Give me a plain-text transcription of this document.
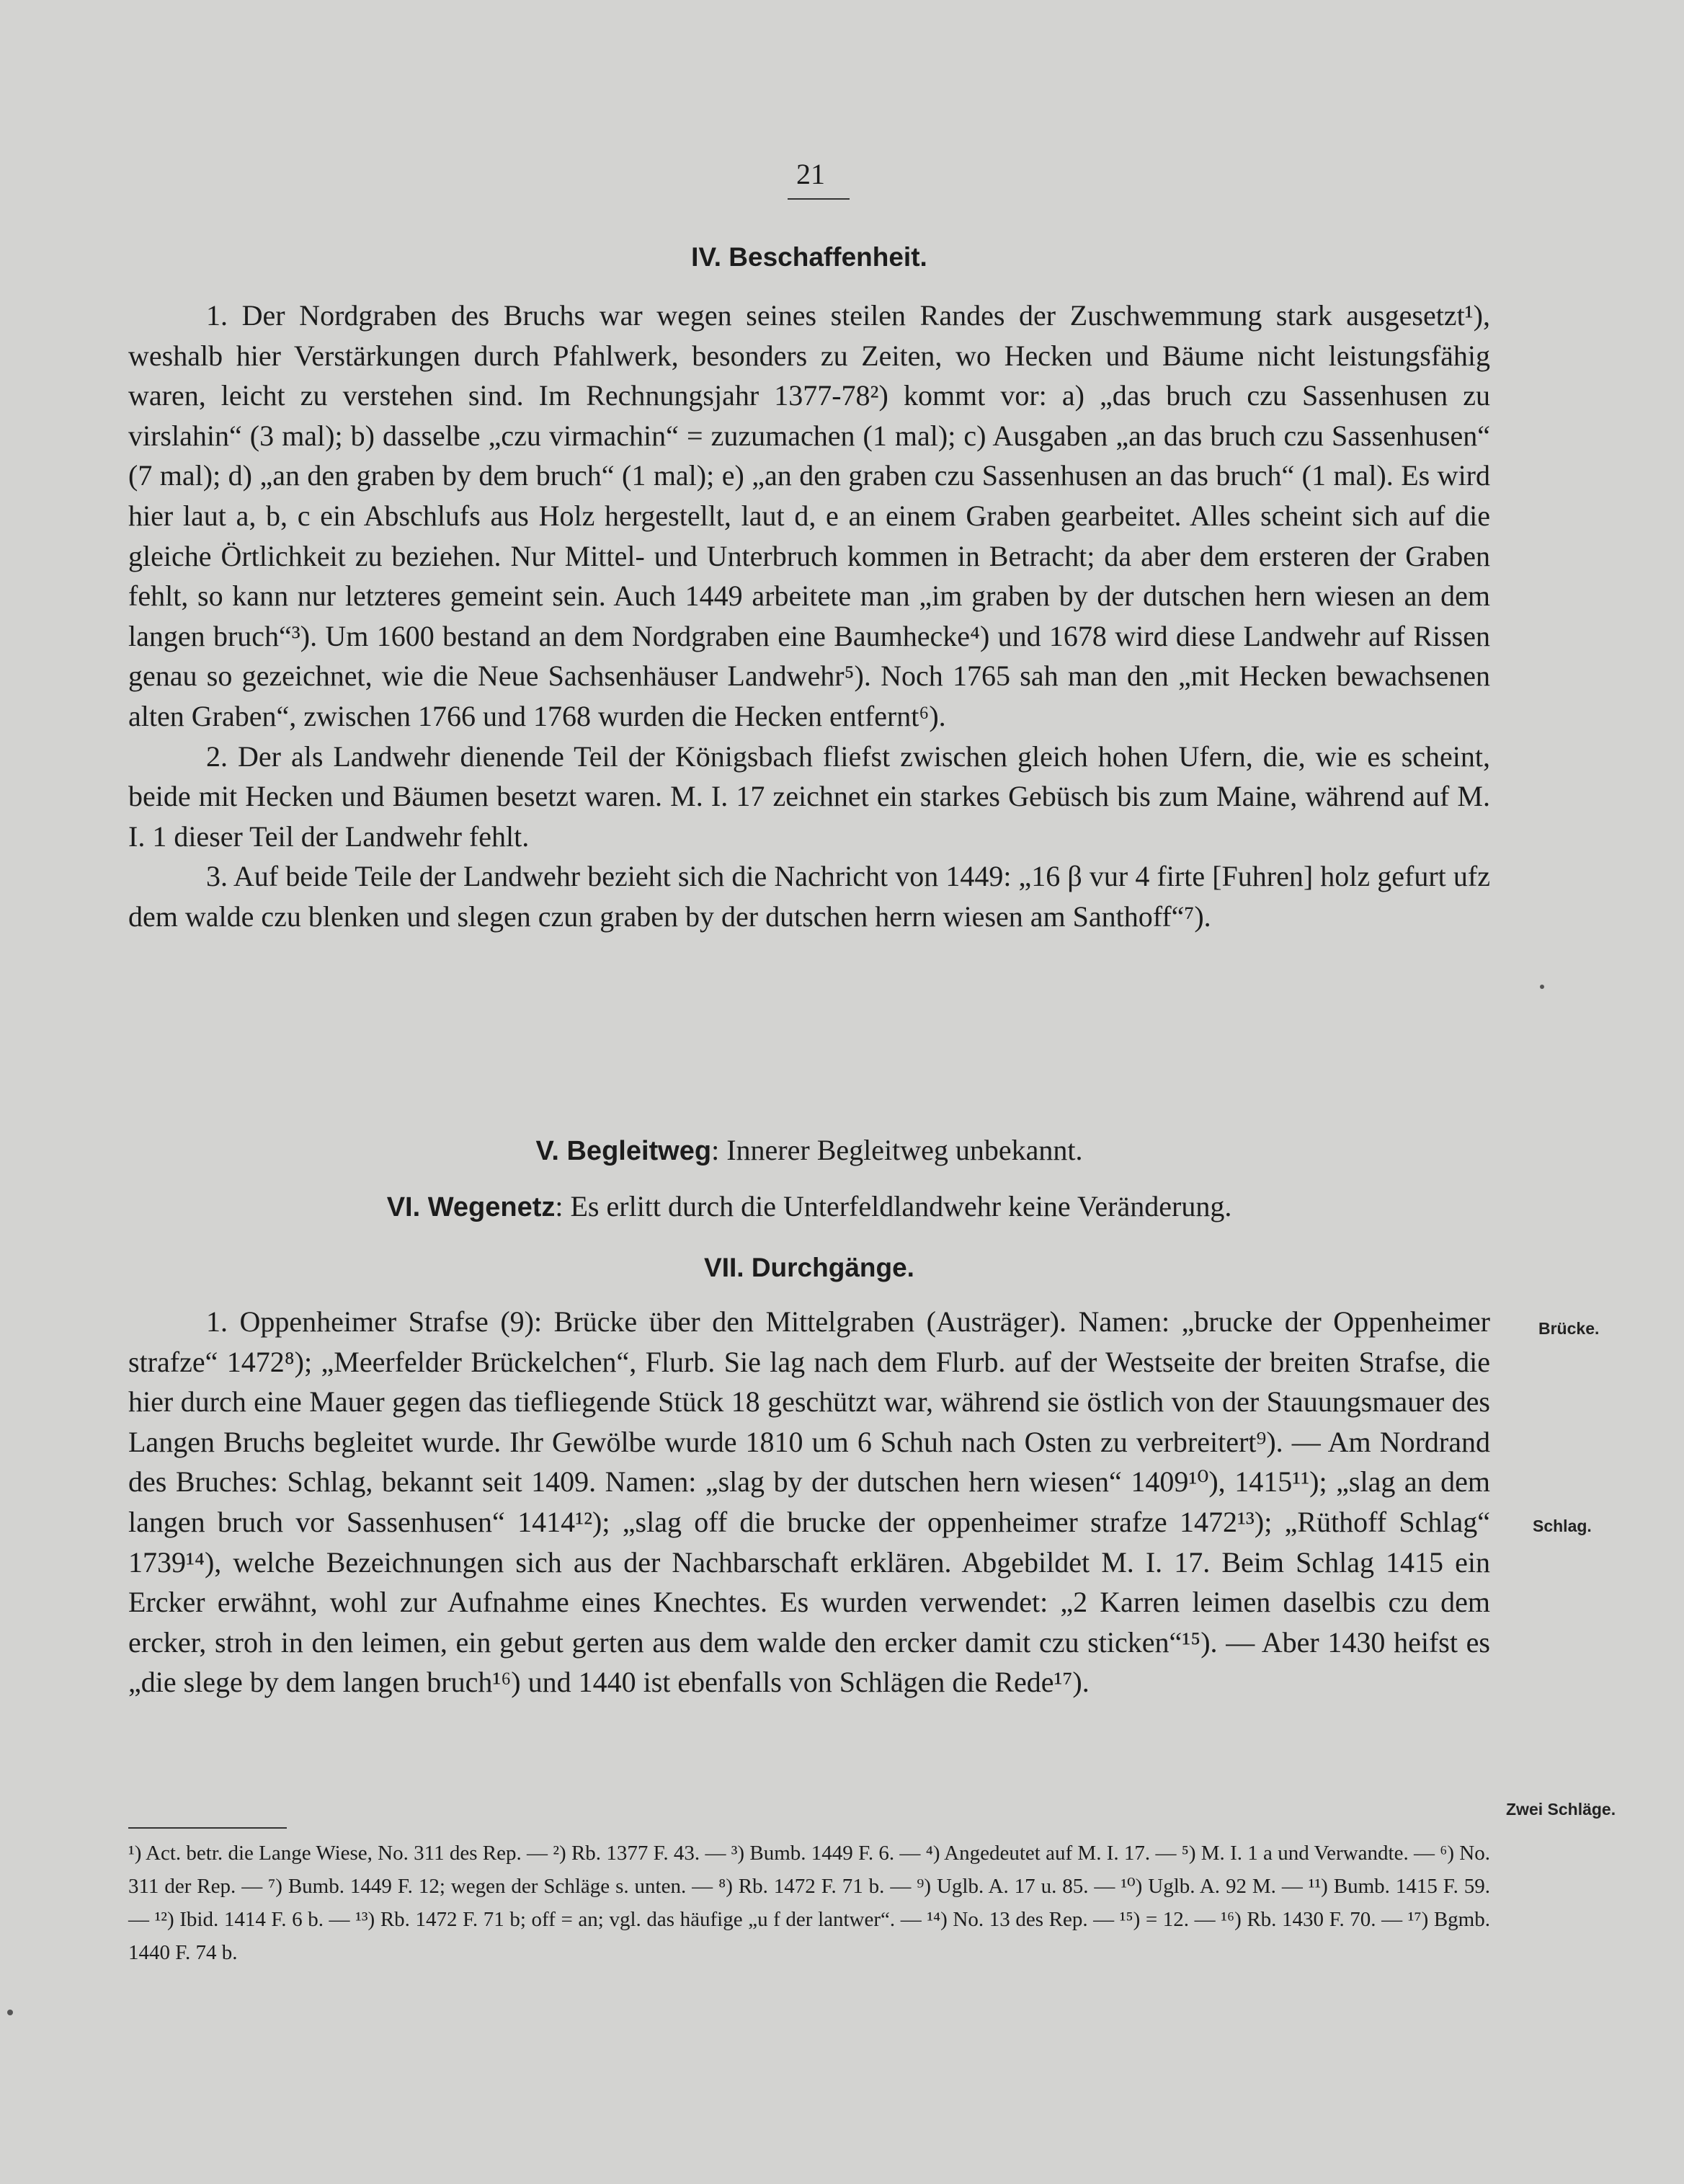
21
IV. Beschaffenheit.

1. Der Nordgraben des Bruchs war wegen seines steilen Randes der Zuschwemmung stark ausgesetzt¹), weshalb hier Verstärkungen durch Pfahlwerk, besonders zu Zeiten, wo Hecken und Bäume nicht leistungsfähig waren, leicht zu verstehen sind. Im Rechnungsjahr 1377-78²) kommt vor: a) „das bruch czu Sassenhusen zu virslahin“ (3 mal); b) dasselbe „czu virmachin“ = zuzumachen (1 mal); c) Ausgaben „an das bruch czu Sassenhusen“ (7 mal); d) „an den graben by dem bruch“ (1 mal); e) „an den graben czu Sassenhusen an das bruch“ (1 mal). Es wird hier laut a, b, c ein Abschlufs aus Holz hergestellt, laut d, e an einem Graben gearbeitet. Alles scheint sich auf die gleiche Örtlichkeit zu beziehen. Nur Mittel- und Unterbruch kommen in Betracht; da aber dem ersteren der Graben fehlt, so kann nur letzteres gemeint sein. Auch 1449 arbeitete man „im graben by der dutschen hern wiesen an dem langen bruch“³). Um 1600 bestand an dem Nordgraben eine Baumhecke⁴) und 1678 wird diese Landwehr auf Rissen genau so gezeichnet, wie die Neue Sachsenhäuser Landwehr⁵). Noch 1765 sah man den „mit Hecken bewachsenen alten Graben“, zwischen 1766 und 1768 wurden die Hecken entfernt⁶).

2. Der als Landwehr dienende Teil der Königsbach fliefst zwischen gleich hohen Ufern, die, wie es scheint, beide mit Hecken und Bäumen besetzt waren. M. I. 17 zeichnet ein starkes Gebüsch bis zum Maine, während auf M. I. 1 dieser Teil der Landwehr fehlt.

3. Auf beide Teile der Landwehr bezieht sich die Nachricht von 1449: „16 β vur 4 firte [Fuhren] holz gefurt ufz dem walde czu blenken und slegen czun graben by der dutschen herrn wiesen am Santhoff“⁷).

V. Begleitweg: Innerer Begleitweg unbekannt.
VI. Wegenetz: Es erlitt durch die Unterfeldlandwehr keine Veränderung.
VII. Durchgänge.

1. Oppenheimer Strafse (9): Brücke über den Mittelgraben (Austräger). Namen: „brucke der Oppenheimer strafze“ 1472⁸); „Meerfelder Brückelchen“, Flurb. Sie lag nach dem Flurb. auf der Westseite der breiten Strafse, die hier durch eine Mauer gegen das tiefliegende Stück 18 geschützt war, während sie östlich von der Stauungsmauer des Langen Bruchs begleitet wurde. Ihr Gewölbe wurde 1810 um 6 Schuh nach Osten zu verbreitert⁹). — Am Nordrand des Bruches: Schlag, bekannt seit 1409. Namen: „slag by der dutschen hern wiesen“ 1409¹⁰), 1415¹¹); „slag an dem langen bruch vor Sassenhusen“ 1414¹²); „slag off die brucke der oppenheimer strafze 1472¹³); „Rüthoff Schlag“ 1739¹⁴), welche Bezeichnungen sich aus der Nachbarschaft erklären. Abgebildet M. I. 17. Beim Schlag 1415 ein Ercker erwähnt, wohl zur Aufnahme eines Knechtes. Es wurden verwendet: „2 Karren leimen daselbis czu dem ercker, stroh in den leimen, ein gebut gerten aus dem walde den ercker damit czu sticken“¹⁵). — Aber 1430 heifst es „die slege by dem langen bruch¹⁶) und 1440 ist ebenfalls von Schlägen die Rede¹⁷).

Brücke.
Schlag.
Zwei Schläge.

¹) Act. betr. die Lange Wiese, No. 311 des Rep. — ²) Rb. 1377 F. 43. — ³) Bumb. 1449 F. 6. — ⁴) Angedeutet auf M. I. 17. — ⁵) M. I. 1 a und Verwandte. — ⁶) No. 311 der Rep. — ⁷) Bumb. 1449 F. 12; wegen der Schläge s. unten. — ⁸) Rb. 1472 F. 71 b. — ⁹) Uglb. A. 17 u. 85. — ¹⁰) Uglb. A. 92 M. — ¹¹) Bumb. 1415 F. 59. — ¹²) Ibid. 1414 F. 6 b. — ¹³) Rb. 1472 F. 71 b; off = an; vgl. das häufige „u f der lantwer“. — ¹⁴) No. 13 des Rep. — ¹⁵) = 12. — ¹⁶) Rb. 1430 F. 70. — ¹⁷) Bgmb. 1440 F. 74 b.
